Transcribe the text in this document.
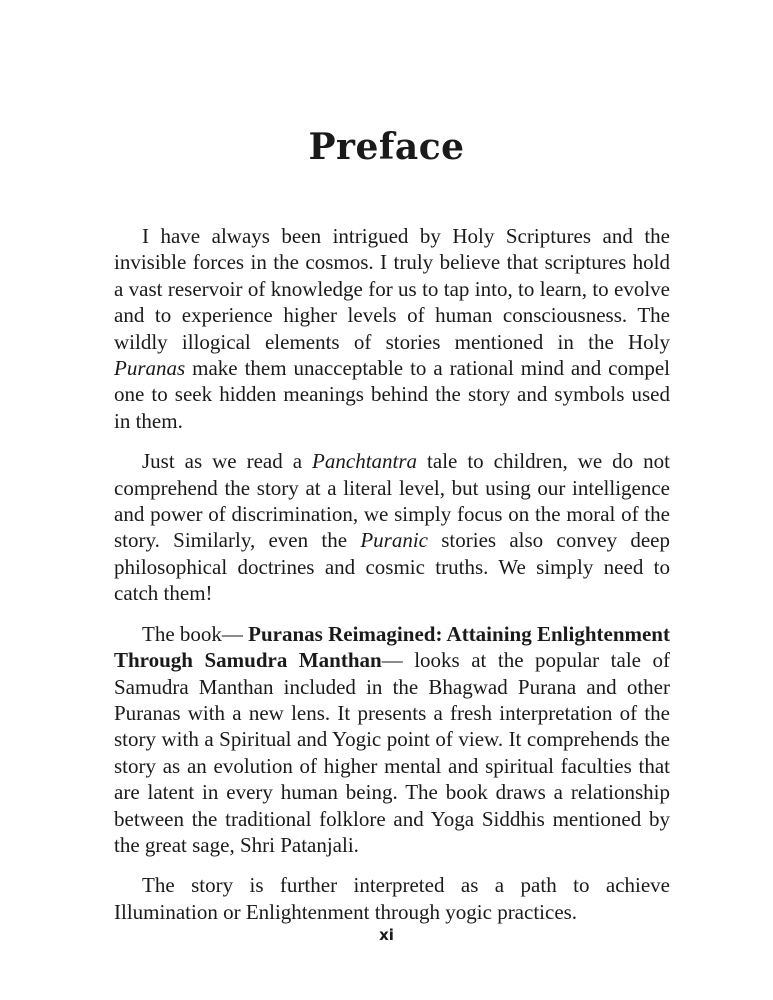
Preface

I have always been intrigued by Holy Scriptures and the invisible forces in the cosmos. I truly believe that scriptures hold a vast reservoir of knowledge for us to tap into, to learn, to evolve and to experience higher levels of human consciousness. The wildly illogical elements of stories mentioned in the Holy Puranas make them unacceptable to a rational mind and compel one to seek hidden meanings behind the story and symbols used in them.

Just as we read a Panchtantra tale to children, we do not comprehend the story at a literal level, but using our intelligence and power of discrimination, we simply focus on the moral of the story. Similarly, even the Puranic stories also convey deep philosophical doctrines and cosmic truths. We simply need to catch them!

The book— Puranas Reimagined: Attaining Enlightenment Through Samudra Manthan— looks at the popular tale of Samudra Manthan included in the Bhagwad Purana and other Puranas with a new lens. It presents a fresh interpretation of the story with a Spiritual and Yogic point of view. It comprehends the story as an evolution of higher mental and spiritual faculties that are latent in every human being. The book draws a relationship between the traditional folklore and Yoga Siddhis mentioned by the great sage, Shri Patanjali.

The story is further interpreted as a path to achieve Illumination or Enlightenment through yogic practices.

xi
